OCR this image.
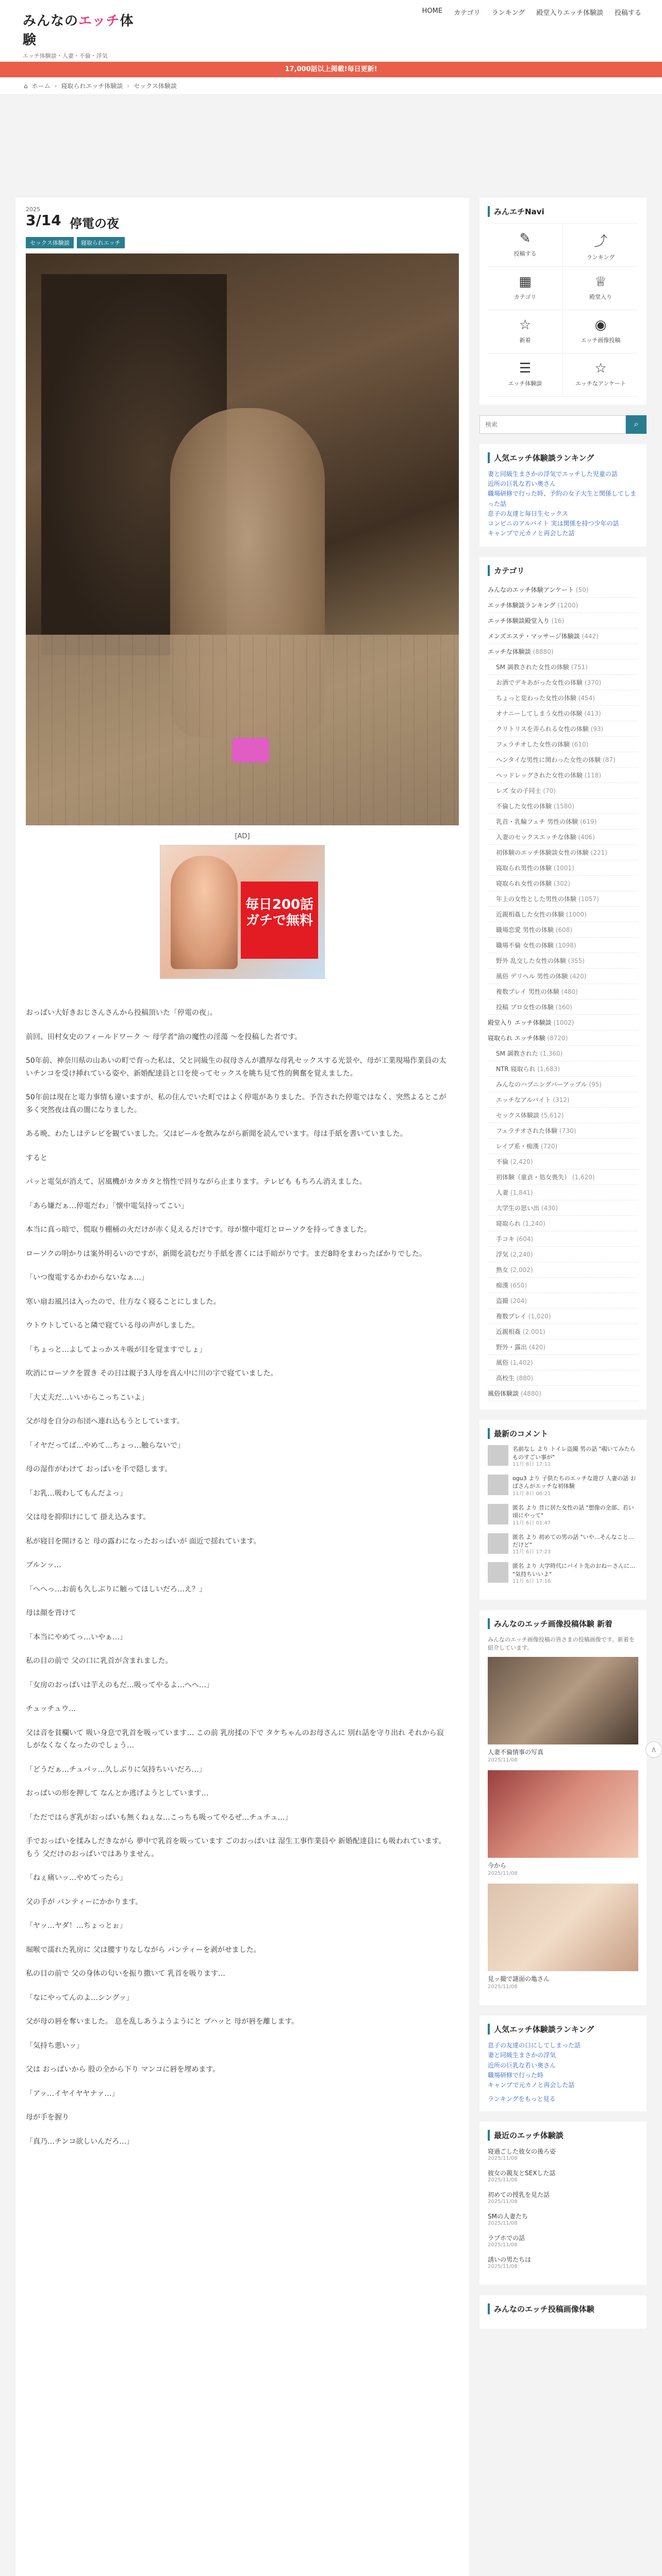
みんなのエッチ体験
エッチ体験談・人妻・不倫・浮気
HOME カテゴリ ランキング 殿堂入りエッチ体験談 投稿する
17,000話以上掲載!毎日更新!
⌂ ホーム › 寝取られエッチ体験談 › セックス体験談
2025
3/14 停電の夜
セックス体験談	寝取られエッチ
[AD]
毎日200話 ガチで無料

おっぱい大好きおじさんさんから投稿頂いた「停電の夜」。

前回、田村女史のフィールドワーク 〜 母学者"油の魔性の淫蕩 〜を投稿した者です。

50年前、神奈川県の山あいの町で育った私は、父と同級生の叔母さんが濃厚な母乳セックスする光景や、母が工業現場作業員の太いチンコを受け挿れている姿や、新婚配達員と口を使ってセックスを眺ち見て性的興奮を覚えました。

50年前は現在と電力事情も違いますが、私の住んでいた町ではよく停電がありました。予告された停電ではなく、突然よるとこが多く突然夜は真の闇になりました。

ある晩、わたしはテレビを観ていました。父はビールを飲みながら新聞を読んでいます。母は手紙を書いていました。

すると

パッと電気が消えて、居風機がカタカタと惰性で回りながら止まります。テレビも もちろん消えました。

「あら嫌だぁ…停電だわ」「懐中電気持ってこい」

本当に真っ暗で、慌取り棚桶の火だけが赤く見えるだけです。母が懐中電灯とローソクを持ってきました。

ローソクの明かりは案外明るいのですが、新聞を読むだり手紙を書くには手暗がりです。まだ8時をまわったばかりでした。

「いつ復電するかわからないなぁ…」

寒い扇お風呂は入ったので、仕方なく寝ることにしました。

ウトウトしていると隣で寝ている母の声がしました。

「ちょっと…よしてよっかスキ吸が目を覚ますでしょ」

吹消にローソクを置き その日は親子3人母を真ん中に川の字で寝ていました。

「大丈夫だ…いいからこっちこいよ」

父が母を自分の布団へ連れ込もうとしています。

「イヤだってば…やめて…ちょっ…触らないで」

母の湿作がわけて おっぱいを手で隠します。

「お乳…吸わしてもんだよっ」

父は母を抑仰けにして 掛え込みます。

私が寝目を開けると 母の露わになったおっぱいが 面近で揺れています。

ブルンッ…

「へへっ…お前も久しぶりに触ってほしいだろ…え？」

母は顔を背けて

「本当にやめてっ…いやぁ…」

私の目の前で 父の口に乳首が含まれました。

「女房のおっぱいは芋えのもだ…吸ってやるよ…へへ…」

チュッチュウ…

父は音を貧欄いて 吸い身息で乳首を吸っています… この前 乳房揉の下で タケちゃんのお母さんに 別れ話を守り出れ それから寂しがなくなくなったのでしょう…

「どうだぁ…チュパッ…久しぶりに気持ちいいだろ…」

おっぱいの形を押して なんとか逃げようとしています…

「ただではらぎ乳がおっぱいも無くねぇな…こっちも吸ってやるぜ…チュチュ…」

手でおっぱいを揉みしだきながら 夢中で乳首を吸っています ごのおっぱいは 湿生工事作業員や 新婚配達員にも吸われています。もう 父だけのおっぱいではありません。

「ねぇ痛いッ…やめてったら」

父の手が パンティーにかかります。

「ヤッ…ヤダ！…ちょっとぉ」

堀喉で濡れた乳房に 父は腰すりなしながら パンティーを剥がせました。

私の目の前で 父の身体の匂いを振り撒いて 乳首を吸ります…

「なにやってんのよ…シングッ」

父が母の唇を奪いました。 息を乱しあうようようにと ブハッと 母が唇を離します。

「気持ち悪いッ」

父は おっぱいから 股の全から下り マンコに唇を埋めます。

「アッ…イヤイヤヤナァ…」

母が手を握り

「真乃…チンコ欲しいんだろ…」

みんエチNavi
✎
投稿する
⤴
ランキング
▦
カテゴリ
♕
殿堂入り
☆
新着
◉
エッチ画像投稿
☰
エッチ体験談
☆
エッチなアンケート
検索
⌕
人気エッチ体験談ランキング
妻と同級生まさかの浮気でエッチした児童の話
近所の巨乳な若い奥さん
職場研修で行った時、予約の女子大生と関係してしまった話
息子の友達と毎日生セックス
コンビニのアルバイト 実は関係を持つ少年の話
キャンプで元カノと再会した話
カテゴリ
みんなのエッチ体験アンケート (50)
エッチ体験談ランキング (1200)
エッチ体験談殿堂入り (16)
メンズエステ・マッサージ体験談 (442)
エッチな体験談 (8880)
SM 調教された女性の体験 (751)
お酒でデキあがった女性の体験 (370)
ちょっと変わった女性の体験 (454)
オナニーしてしまう女性の体験 (413)
クリトリスを弄られる女性の体験 (93)
フェラチオした女性の体験 (610)
ヘンタイな男性に関わった女性の体験 (87)
ヘッドレッグされた女性の体験 (118)
レズ 女の子同士 (70)
不倫した女性の体験 (1580)
乳首・乳輪フェチ 男性の体験 (619)
人妻のセックスエッチな体験 (406)
初体験のエッチ体験談女性の体験 (221)
寝取られ男性の体験 (1001)
寝取られ女性の体験 (302)
年上の女性とした男性の体験 (1057)
近親相姦した女性の体験 (1000)
職場恋愛 男性の体験 (608)
職場不倫 女性の体験 (1098)
野外 乱交した女性の体験 (355)
風俗 デリヘル 男性の体験 (420)
複数プレイ 男性の体験 (480)
投稿 ブロ女性の体験 (160)
殿堂入り エッチ体験談 (1002)
寝取られ エッチ体験 (8720)
SM 調教された (1,360)
NTR 寝取られ (1,683)
みんなのハプニングバーアップル (95)
エッチなアルバイト (312)
セックス体験談 (5,612)
フェラチオされた体験 (730)
レイプ系・痴漢 (720)
不倫 (2,420)
初体験（童貞・処女喪失） (1,620)
人妻 (1,841)
大学生の思い出 (430)
寝取られ (1,240)
手コキ (604)
浮気 (2,240)
熟女 (2,002)
痴漢 (650)
盗撮 (204)
複数プレイ (1,020)
近親相姦 (2,001)
野外・露出 (420)
風俗 (1,402)
高校生 (880)
風俗体験談 (4880)
最新のコメント
名前なし より トイレ盗撮 男の話 "覗いてみたらものすごい事が"
11月 8日 17:11
ogu3 より 子供たちのエッチな遊び 人妻の話 おばさんがエッチな初体験
11月 8日 06:21
匿名 より 昔に居た女性の話 "想像の全部、若い頃にやって"
11月 6日 01:47
匿名 より 初めての男の話 "いや…そんなこと… だけど"
11月 6日 17:23
匿名 より 大学時代にバイト先のおねーさんに… "気持ちいいよ"
11月 6日 17:16
みんなのエッチ画像投稿体験 新着
みんなのエッチ画像投稿の皆さまの投稿画像です。新着を紹介しています。
人妻不倫情事の写真
2025/11/08
今から
2025/11/08
見ッ撮で謎面の亀さん
2025/11/08
人気エッチ体験談ランキング
息子の友達の口にしてしまった話
妻と同級生まさかの浮気
近所の巨乳な若い奥さん
職場研修で行った時
キャンプで元カノと再会した話
ランキングをもっと見る
最近のエッチ体験談
寝過ごした彼女の後ろ姿
2025/11/08
彼女の親友とSEXした話
2025/11/08
初めての授乳を見た話
2025/11/08
SMの人妻たち
2025/11/08
ラブホでの話
2025/11/08
誘いの男たちは
2025/11/08
みんなのエッチ投稿画像体験
∧
